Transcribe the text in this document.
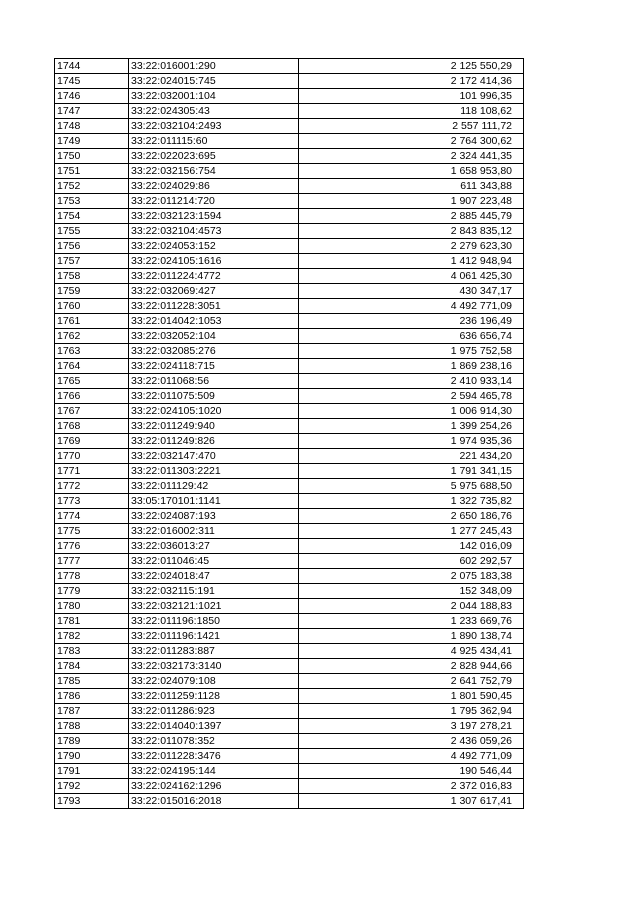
1744	33:22:016001:290	2 125 550,29
1745	33:22:024015:745	2 172 414,36
1746	33:22:032001:104	101 996,35
1747	33:22:024305:43	118 108,62
1748	33:22:032104:2493	2 557 111,72
1749	33:22:011115:60	2 764 300,62
1750	33:22:022023:695	2 324 441,35
1751	33:22:032156:754	1 658 953,80
1752	33:22:024029:86	611 343,88
1753	33:22:011214:720	1 907 223,48
1754	33:22:032123:1594	2 885 445,79
1755	33:22:032104:4573	2 843 835,12
1756	33:22:024053:152	2 279 623,30
1757	33:22:024105:1616	1 412 948,94
1758	33:22:011224:4772	4 061 425,30
1759	33:22:032069:427	430 347,17
1760	33:22:011228:3051	4 492 771,09
1761	33:22:014042:1053	236 196,49
1762	33:22:032052:104	636 656,74
1763	33:22:032085:276	1 975 752,58
1764	33:22:024118:715	1 869 238,16
1765	33:22:011068:56	2 410 933,14
1766	33:22:011075:509	2 594 465,78
1767	33:22:024105:1020	1 006 914,30
1768	33:22:011249:940	1 399 254,26
1769	33:22:011249:826	1 974 935,36
1770	33:22:032147:470	221 434,20
1771	33:22:011303:2221	1 791 341,15
1772	33:22:011129:42	5 975 688,50
1773	33:05:170101:1141	1 322 735,82
1774	33:22:024087:193	2 650 186,76
1775	33:22:016002:311	1 277 245,43
1776	33:22:036013:27	142 016,09
1777	33:22:011046:45	602 292,57
1778	33:22:024018:47	2 075 183,38
1779	33:22:032115:191	152 348,09
1780	33:22:032121:1021	2 044 188,83
1781	33:22:011196:1850	1 233 669,76
1782	33:22:011196:1421	1 890 138,74
1783	33:22:011283:887	4 925 434,41
1784	33:22:032173:3140	2 828 944,66
1785	33:22:024079:108	2 641 752,79
1786	33:22:011259:1128	1 801 590,45
1787	33:22:011286:923	1 795 362,94
1788	33:22:014040:1397	3 197 278,21
1789	33:22:011078:352	2 436 059,26
1790	33:22:011228:3476	4 492 771,09
1791	33:22:024195:144	190 546,44
1792	33:22:024162:1296	2 372 016,83
1793	33:22:015016:2018	1 307 617,41
